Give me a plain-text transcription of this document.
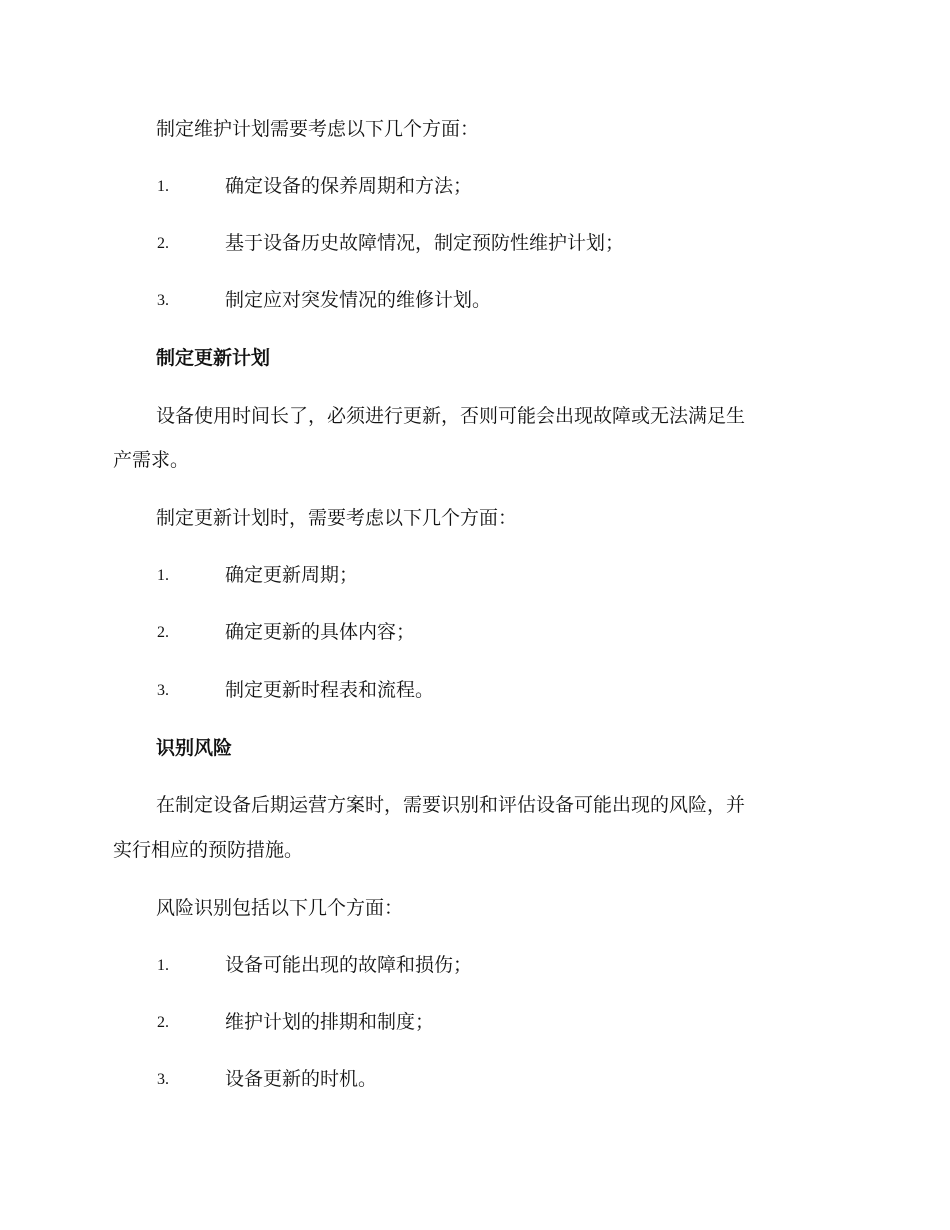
制定维护计划需要考虑以下几个方面：
1.	确定设备的保养周期和方法；
2.	基于设备历史故障情况，制定预防性维护计划；
3.	制定应对突发情况的维修计划。
制定更新计划
设备使用时间长了，必须进行更新，否则可能会出现故障或无法满足生
产需求。
制定更新计划时，需要考虑以下几个方面：
1.	确定更新周期；
2.	确定更新的具体内容；
3.	制定更新时程表和流程。
识别风险
在制定设备后期运营方案时，需要识别和评估设备可能出现的风险，并
实行相应的预防措施。
风险识别包括以下几个方面：
1.	设备可能出现的故障和损伤；
2.	维护计划的排期和制度；
3.	设备更新的时机。
